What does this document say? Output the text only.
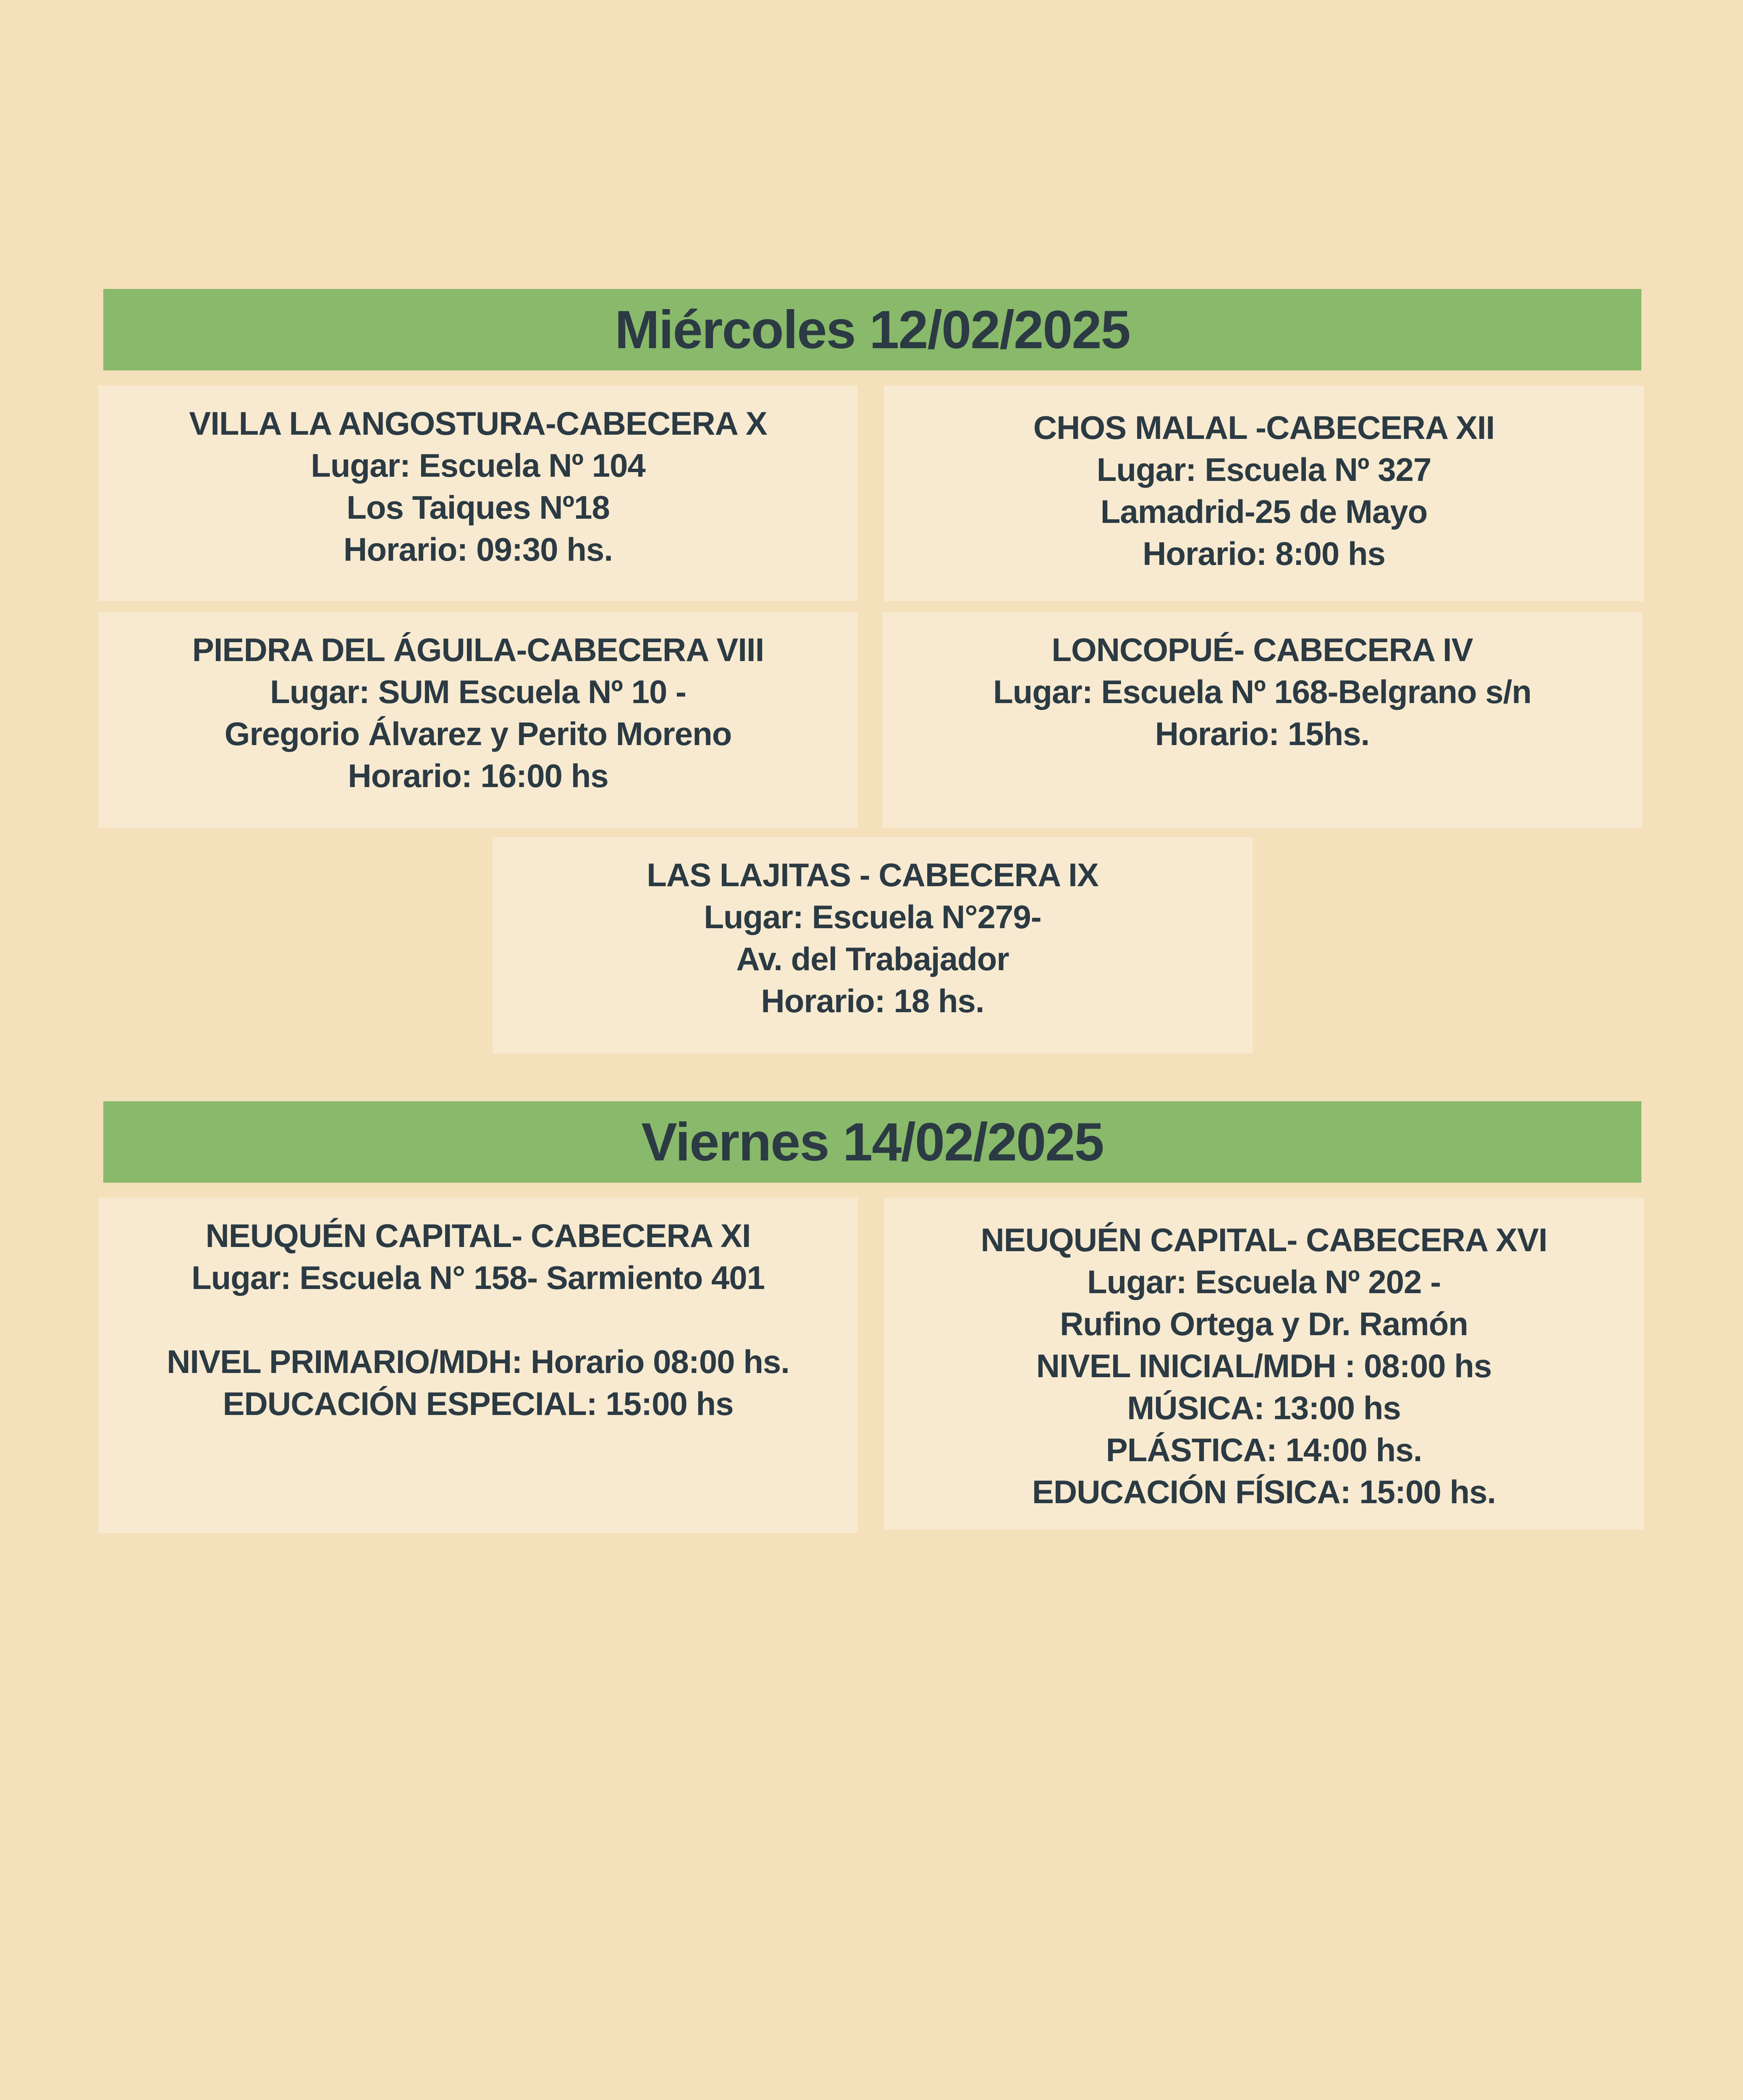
Miércoles 12/02/2025
VILLA LA ANGOSTURA-CABECERA X
Lugar: Escuela Nº 104
Los Taiques Nº18
Horario: 09:30 hs.
CHOS MALAL -CABECERA XII
Lugar: Escuela Nº 327
Lamadrid-25 de Mayo
Horario: 8:00 hs
PIEDRA DEL ÁGUILA-CABECERA VIII
Lugar: SUM Escuela Nº 10 -
Gregorio Álvarez y Perito Moreno
Horario: 16:00 hs
LONCOPUÉ- CABECERA IV
Lugar: Escuela Nº 168-Belgrano s/n
Horario: 15hs.
LAS LAJITAS - CABECERA IX
Lugar: Escuela N°279-
Av. del Trabajador
Horario: 18 hs.
Viernes 14/02/2025
NEUQUÉN CAPITAL- CABECERA XI
Lugar: Escuela N° 158- Sarmiento 401
NIVEL PRIMARIO/MDH: Horario 08:00 hs.
EDUCACIÓN ESPECIAL: 15:00 hs
NEUQUÉN CAPITAL- CABECERA XVI
Lugar: Escuela Nº 202 -
Rufino Ortega y Dr. Ramón
NIVEL INICIAL/MDH : 08:00 hs
MÚSICA: 13:00 hs
PLÁSTICA: 14:00 hs.
EDUCACIÓN FÍSICA: 15:00 hs.
